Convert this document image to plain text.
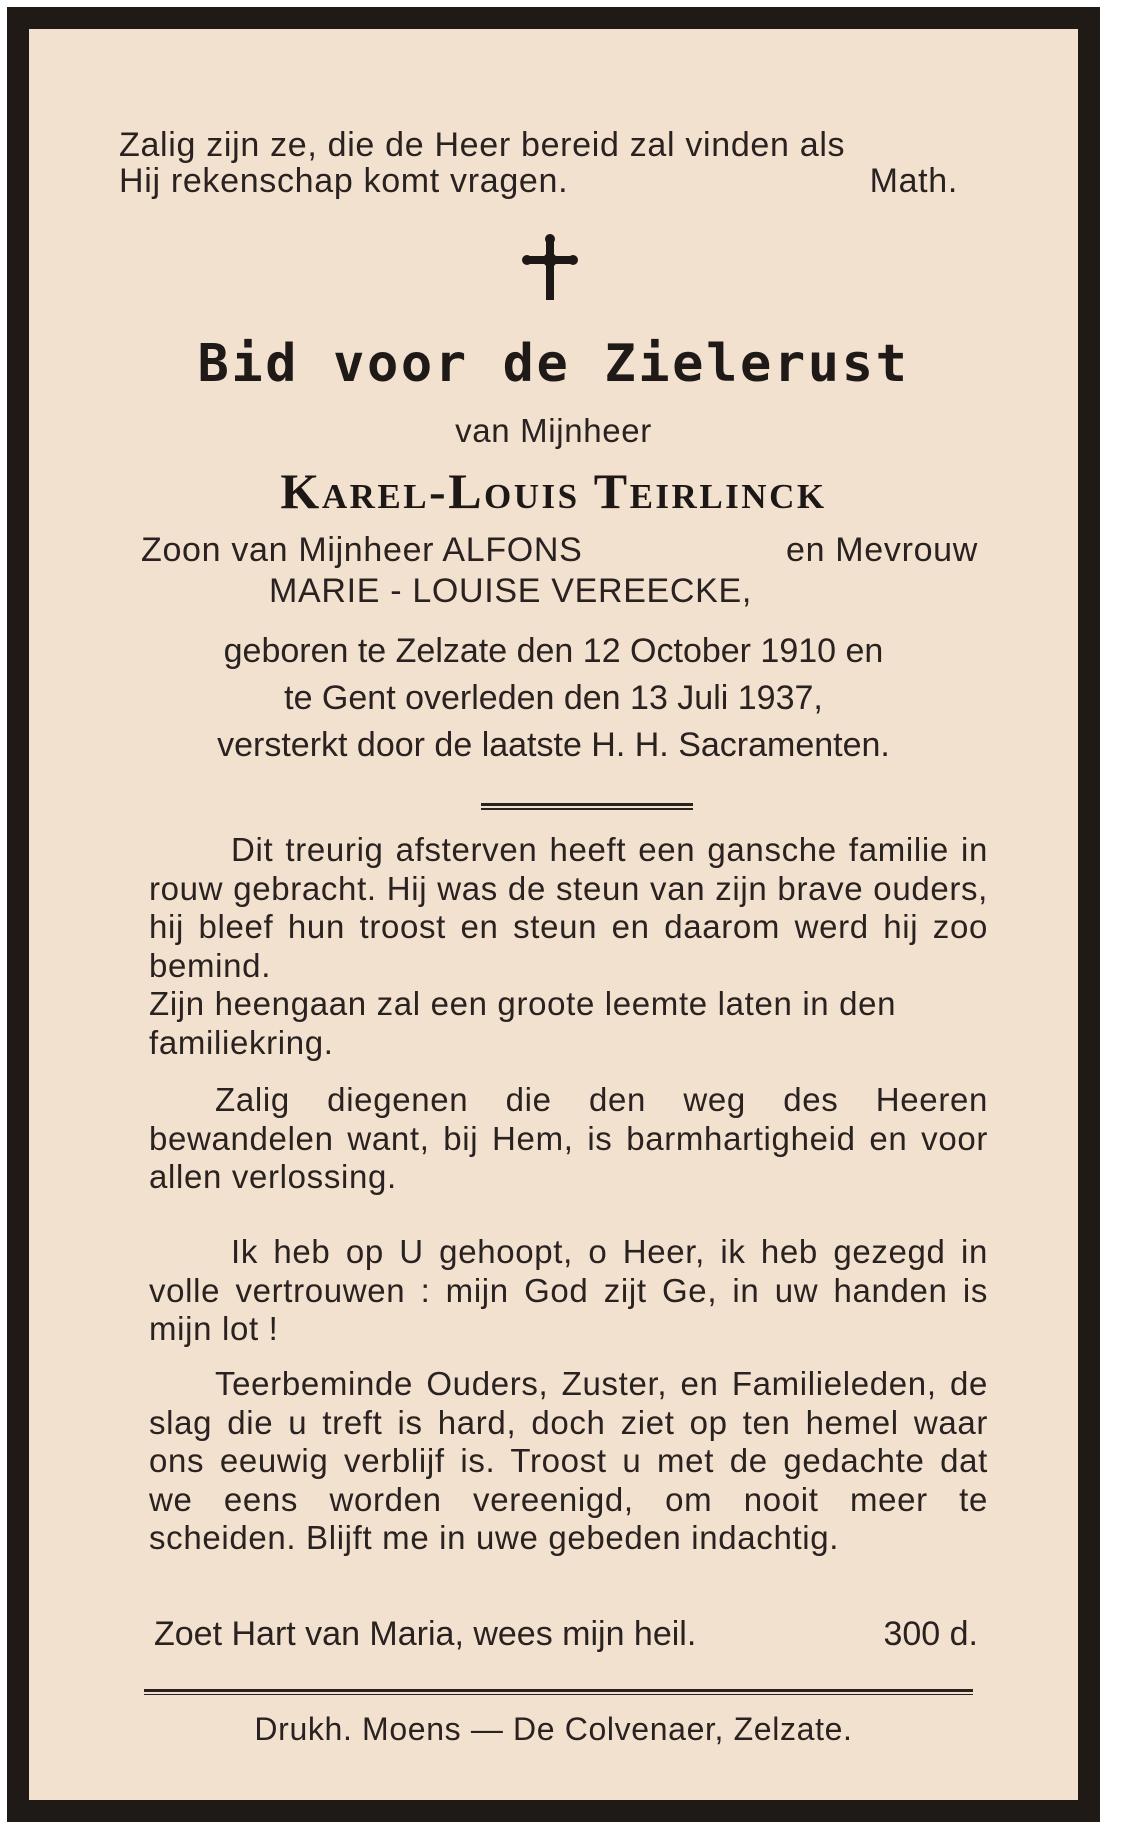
Zalig zijn ze, die de Heer bereid zal vinden als
Hij rekenschap komt vragen.	Math.
Bid voor de Zielerust
van Mijnheer
Karel-Louis Teirlinck
Zoon van Mijnheer ALFONS	en Mevrouw
MARIE - LOUISE VEREECKE,
geboren te Zelzate den 12 October 1910 en
te Gent overleden den 13 Juli 1937,
versterkt door de laatste H. H. Sacramenten.
Dit treurig afsterven heeft een gansche familie in rouw gebracht. Hij was de steun van zijn brave ouders, hij bleef hun troost en steun en daarom werd hij zoo bemind.
Zijn heengaan zal een groote leemte laten in den familiekring.
Zalig diegenen die den weg des Heeren bewandelen want, bij Hem, is barmhartigheid en voor allen verlossing.
Ik heb op U gehoopt, o Heer, ik heb gezegd in volle vertrouwen : mijn God zijt Ge, in uw handen is mijn lot !
Teerbeminde Ouders, Zuster, en Familieleden, de slag die u treft is hard, doch ziet op ten hemel waar ons eeuwig verblijf is. Troost u met de gedachte dat we eens worden vereenigd, om nooit meer te scheiden. Blijft me in uwe gebeden indachtig.
Zoet Hart van Maria, wees mijn heil.	300 d.
Drukh. Moens — De Colvenaer, Zelzate.
